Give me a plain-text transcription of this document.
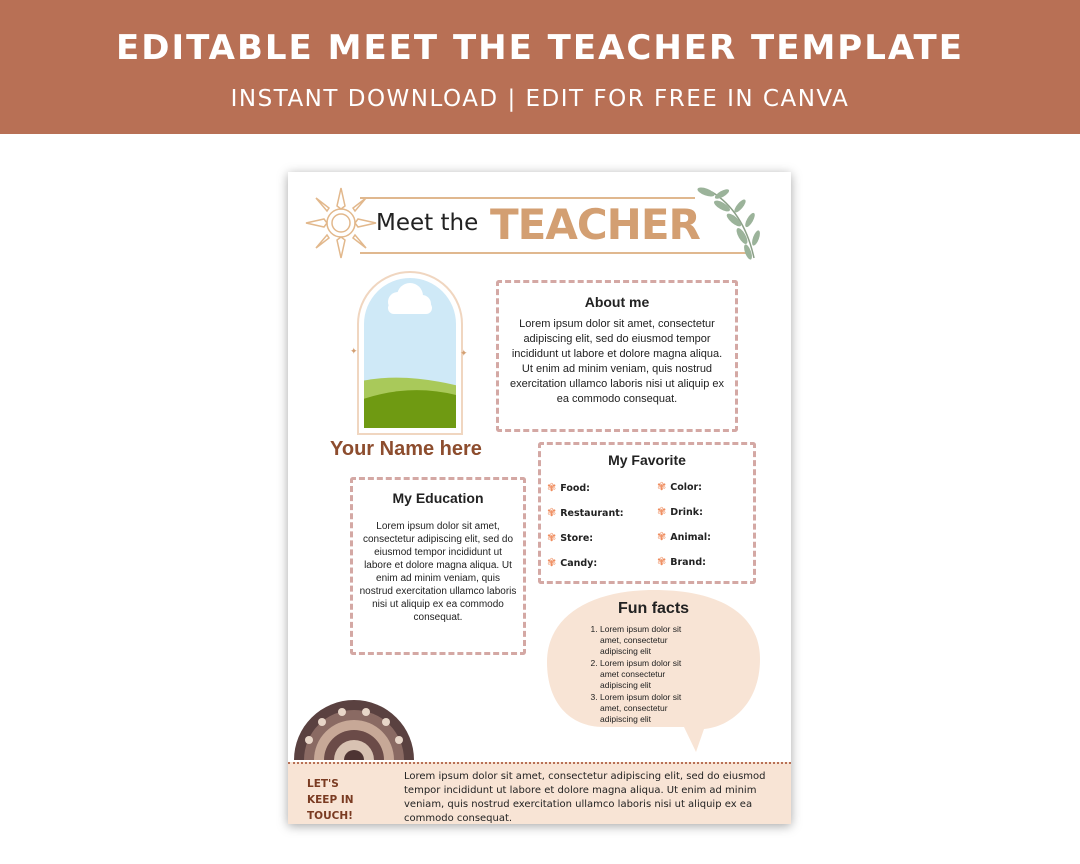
EDITABLE MEET THE TEACHER TEMPLATE
INSTANT DOWNLOAD | EDIT FOR FREE IN CANVA
Meet the TEACHER
✦	✦
Your Name here
About me
Lorem ipsum dolor sit amet, consectetur adipiscing elit, sed do eiusmod tempor incididunt ut labore et dolore magna aliqua. Ut enim ad minim veniam, quis nostrud exercitation ullamco laboris nisi ut aliquip ex ea commodo consequat.
My Education
Lorem ipsum dolor sit amet, consectetur adipiscing elit, sed do eiusmod tempor incididunt ut labore et dolore magna aliqua. Ut enim ad minim veniam, quis nostrud exercitation ullamco laboris nisi ut aliquip ex ea commodo consequat.
My Favorite
✾ Food:
✾ Restaurant:
✾ Store:
✾ Candy:
✾ Color:
✾ Drink:
✾ Animal:
✾ Brand:
Fun facts
1. Lorem ipsum dolor sit amet, consectetur adipiscing elit
2. Lorem ipsum dolor sit amet consectetur adipiscing elit
3. Lorem ipsum dolor sit amet, consectetur adipiscing elit
LET'S KEEP IN TOUCH!
Lorem ipsum dolor sit amet, consectetur adipiscing elit, sed do eiusmod tempor incididunt ut labore et dolore magna aliqua. Ut enim ad minim veniam, quis nostrud exercitation ullamco laboris nisi ut aliquip ex ea commodo consequat.
